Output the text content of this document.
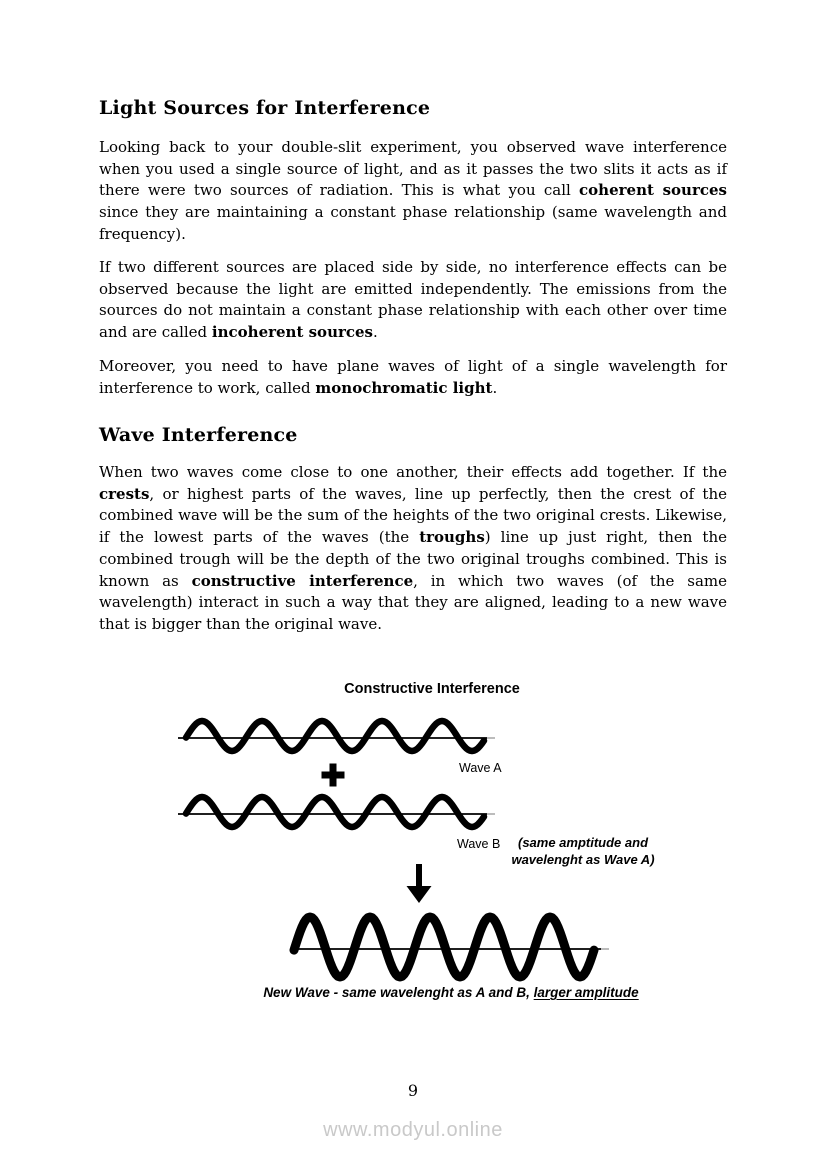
Light Sources for Interference

Looking back to your double-slit experiment, you observed wave interference when you used a single source of light, and as it passes the two slits it acts as if there were two sources of radiation. This is what you call coherent sources since they are maintaining a constant phase relationship (same wavelength and frequency).

If two different sources are placed side by side, no interference effects can be observed because the light are emitted independently. The emissions from the sources do not maintain a constant phase relationship with each other over time and are called incoherent sources.

Moreover, you need to have plane waves of light of a single wavelength for interference to work, called monochromatic light.

Wave Interference

When two waves come close to one another, their effects add together. If the crests, or highest parts of the waves, line up perfectly, then the crest of the combined wave will be the sum of the heights of the two original crests. Likewise, if the lowest parts of the waves (the troughs) line up just right, then the combined trough will be the depth of the two original troughs combined. This is known as constructive interference, in which two waves (of the same wavelength) interact in such a way that they are aligned, leading to a new wave that is bigger than the original wave.

Constructive Interference
Wave A
Wave B	(same amptitude and
wavelenght as Wave A)
New Wave - same wavelenght as A and B, larger amplitude
9
www.modyul.online
